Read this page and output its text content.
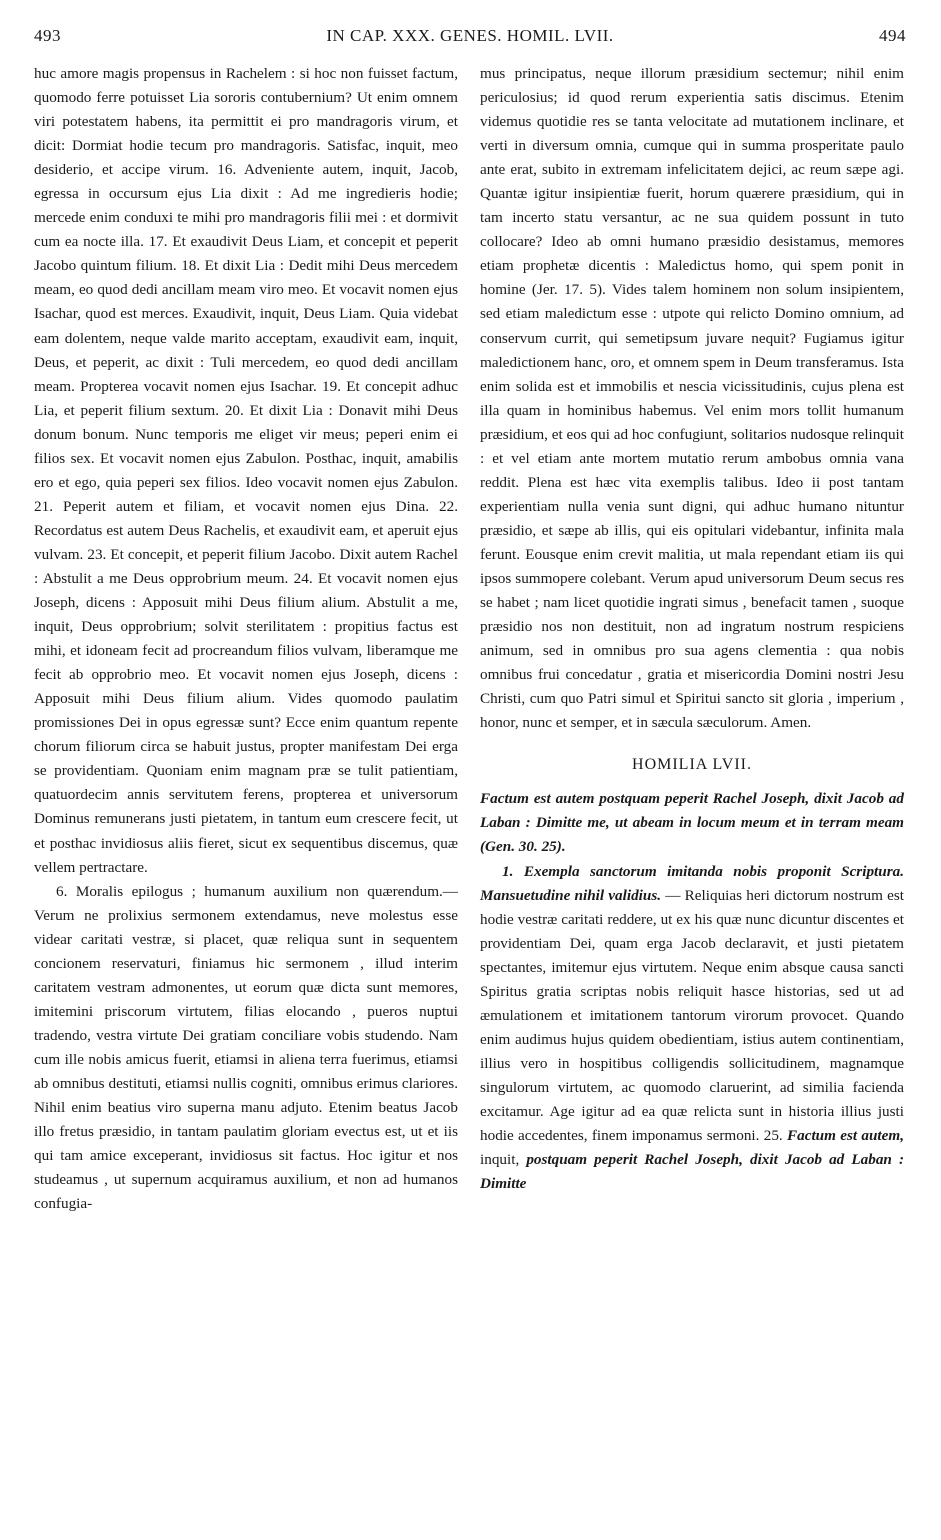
493	IN CAP. XXX. GENES. HOMIL. LVII.	494

huc amore magis propensus in Rachelem : si hoc non fuisset factum, quomodo ferre potuisset Lia sororis contubernium? Ut enim omnem viri potestatem habens, ita permittit ei pro mandragoris virum, et dicit: Dormiat hodie tecum pro mandragoris. Satisfac, inquit, meo desiderio, et accipe virum. 16. Adveniente autem, inquit, Jacob, egressa in occursum ejus Lia dixit : Ad me ingredieris hodie; mercede enim conduxi te mihi pro mandragoris filii mei : et dormivit cum ea nocte illa. 17. Et exaudivit Deus Liam, et concepit et peperit Jacobo quintum filium. 18. Et dixit Lia : Dedit mihi Deus mercedem meam, eo quod dedi ancillam meam viro meo. Et vocavit nomen ejus Isachar, quod est merces. Exaudivit, inquit, Deus Liam. Quia videbat eam dolentem, neque valde marito acceptam, exaudivit eam, inquit, Deus, et peperit, ac dixit : Tuli mercedem, eo quod dedi ancillam meam. Propterea vocavit nomen ejus Isachar. 19. Et concepit adhuc Lia, et peperit filium sextum. 20. Et dixit Lia : Donavit mihi Deus donum bonum. Nunc temporis me eliget vir meus; peperi enim ei filios sex. Et vocavit nomen ejus Zabulon. Posthac, inquit, amabilis ero et ego, quia peperi sex filios. Ideo vocavit nomen ejus Zabulon. 21. Peperit autem et filiam, et vocavit nomen ejus Dina. 22. Recordatus est autem Deus Rachelis, et exaudivit eam, et aperuit ejus vulvam. 23. Et concepit, et peperit filium Jacobo. Dixit autem Rachel : Abstulit a me Deus opprobrium meum. 24. Et vocavit nomen ejus Joseph, dicens : Apposuit mihi Deus filium alium. Abstulit a me, inquit, Deus opprobrium; solvit sterilitatem : propitius factus est mihi, et idoneam fecit ad procreandum filios vulvam, liberamque me fecit ab opprobrio meo. Et vocavit nomen ejus Joseph, dicens : Apposuit mihi Deus filium alium. Vides quomodo paulatim promissiones Dei in opus egressæ sunt? Ecce enim quantum repente chorum filiorum circa se habuit justus, propter manifestam Dei erga se providentiam. Quoniam enim magnam præ se tulit patientiam, quatuordecim annis servitutem ferens, propterea et universorum Dominus remunerans justi pietatem, in tantum eum crescere fecit, ut et posthac invidiosus aliis fieret, sicut ex sequentibus discemus, quæ vellem pertractare.

6. Moralis epilogus ; humanum auxilium non quærendum.—Verum ne prolixius sermonem extendamus, neve molestus esse videar caritati vestræ, si placet, quæ reliqua sunt in sequentem concionem reservaturi, finiamus hic sermonem , illud interim caritatem vestram admonentes, ut eorum quæ dicta sunt memores, imitemini priscorum virtutem, filias elocando , pueros nuptui tradendo, vestra virtute Dei gratiam conciliare vobis studendo. Nam cum ille nobis amicus fuerit, etiamsi in aliena terra fuerimus, etiamsi ab omnibus destituti, etiamsi nullis cogniti, omnibus erimus clariores. Nihil enim beatius viro superna manu adjuto. Etenim beatus Jacob illo fretus præsidio, in tantam paulatim gloriam evectus est, ut et iis qui tam amice exceperant, invidiosus sit factus. Hoc igitur et nos studeamus , ut supernum acquiramus auxilium, et non ad humanos confugia-

mus principatus, neque illorum præsidium sectemur; nihil enim periculosius; id quod rerum experientia satis discimus. Etenim videmus quotidie res se tanta velocitate ad mutationem inclinare, et verti in diversum omnia, cumque qui in summa prosperitate paulo ante erat, subito in extremam infelicitatem dejici, ac reum sæpe agi. Quantæ igitur insipientiæ fuerit, horum quærere præsidium, qui in tam incerto statu versantur, ac ne sua quidem possunt in tuto collocare? Ideo ab omni humano præsidio desistamus, memores etiam prophetæ dicentis : Maledictus homo, qui spem ponit in homine (Jer. 17. 5). Vides talem hominem non solum insipientem, sed etiam maledictum esse : utpote qui relicto Domino omnium, ad conservum currit, qui semetipsum juvare nequit? Fugiamus igitur maledictionem hanc, oro, et omnem spem in Deum transferamus. Ista enim solida est et immobilis et nescia vicissitudinis, cujus plena est illa quam in hominibus habemus. Vel enim mors tollit humanum præsidium, et eos qui ad hoc confugiunt, solitarios nudosque relinquit : et vel etiam ante mortem mutatio rerum ambobus omnia vana reddit. Plena est hæc vita exemplis talibus. Ideo ii post tantam experientiam nulla venia sunt digni, qui adhuc humano nituntur præsidio, et sæpe ab illis, qui eis opitulari videbantur, infinita mala ferunt. Eousque enim crevit malitia, ut mala rependant etiam iis qui ipsos summopere colebant. Verum apud universorum Deum secus res se habet ; nam licet quotidie ingrati simus , benefacit tamen , suoque præsidio nos non destituit, non ad ingratum nostrum respiciens animum, sed in omnibus pro sua agens clementia : qua nobis omnibus frui concedatur , gratia et misericordia Domini nostri Jesu Christi, cum quo Patri simul et Spiritui sancto sit gloria , imperium , honor, nunc et semper, et in sæcula sæculorum. Amen.

HOMILIA LVII.

Factum est autem postquam peperit Rachel Joseph, dixit Jacob ad Laban : Dimitte me, ut abeam in locum meum et in terram meam (Gen. 30. 25).

1. Exempla sanctorum imitanda nobis proponit Scriptura. Mansuetudine nihil validius. — Reliquias heri dictorum nostrum est hodie vestræ caritati reddere, ut ex his quæ nunc dicuntur discentes et providentiam Dei, quam erga Jacob declaravit, et justi pietatem spectantes, imitemur ejus virtutem. Neque enim absque causa sancti Spiritus gratia scriptas nobis reliquit hasce historias, sed ut ad æmulationem et imitationem tantorum virorum provocet. Quando enim audimus hujus quidem obedientiam, istius autem continentiam, illius vero in hospitibus colligendis sollicitudinem, magnamque singulorum virtutem, ac quomodo claruerint, ad similia facienda excitamur. Age igitur ad ea quæ relicta sunt in historia illius justi hodie accedentes, finem imponamus sermoni. 25. Factum est autem, inquit, postquam peperit Rachel Joseph, dixit Jacob ad Laban : Dimitte
